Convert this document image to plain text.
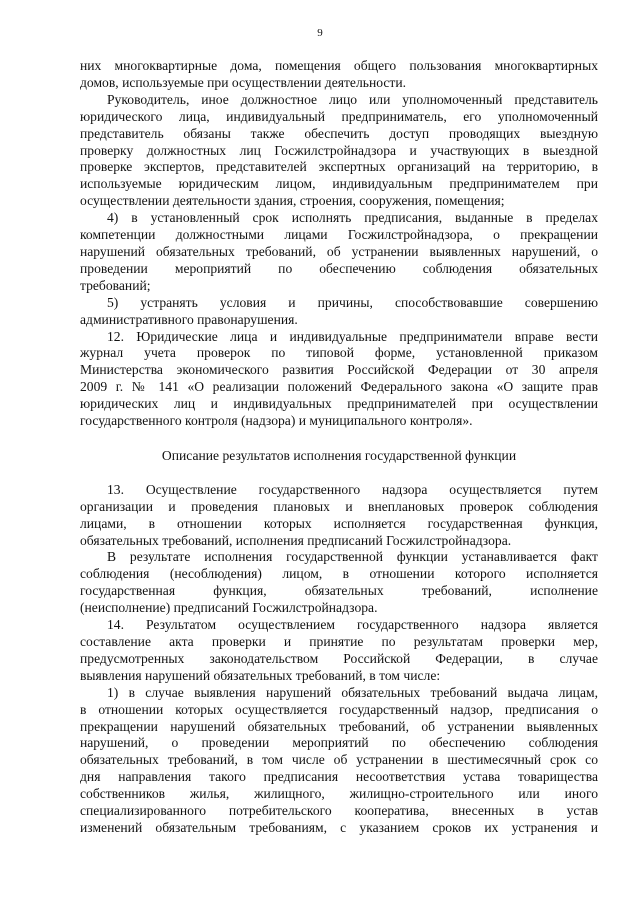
9

них многоквартирные дома, помещения общего пользования многоквартирных

домов, используемые при осуществлении деятельности.

Руководитель, иное должностное лицо или уполномоченный представитель

юридического лица, индивидуальный предприниматель, его уполномоченный

представитель обязаны также обеспечить доступ проводящих выездную

проверку должностных лиц Госжилстройнадзора и участвующих в выездной

проверке экспертов, представителей экспертных организаций на территорию, в

используемые юридическим лицом, индивидуальным предпринимателем при

осуществлении деятельности здания, строения, сооружения, помещения;

4) в установленный срок исполнять предписания, выданные в пределах

компетенции должностными лицами Госжилстройнадзора, о прекращении

нарушений обязательных требований, об устранении выявленных нарушений, о

проведении мероприятий по обеспечению соблюдения обязательных

требований;

5) устранять условия и причины, способствовавшие совершению

административного правонарушения.

12. Юридические лица и индивидуальные предприниматели вправе вести

журнал учета проверок по типовой форме, установленной приказом

Министерства экономического развития Российской Федерации от 30 апреля

2009 г. № 141 «О реализации положений Федерального закона «О защите прав

юридических лиц и индивидуальных предпринимателей при осуществлении

государственного контроля (надзора) и муниципального контроля».

Описание результатов исполнения государственной функции

13. Осуществление государственного надзора осуществляется путем

организации и проведения плановых и внеплановых проверок соблюдения

лицами, в отношении которых исполняется государственная функция,

обязательных требований, исполнения предписаний Госжилстройнадзора.

В результате исполнения государственной функции устанавливается факт

соблюдения (несоблюдения) лицом, в отношении которого исполняется

государственная функция, обязательных требований, исполнение

(неисполнение) предписаний Госжилстройнадзора.

14. Результатом осуществлением государственного надзора является

составление акта проверки и принятие по результатам проверки мер,

предусмотренных законодательством Российской Федерации, в случае

выявления нарушений обязательных требований, в том числе:

1) в случае выявления нарушений обязательных требований выдача лицам,

в отношении которых осуществляется государственный надзор, предписания о

прекращении нарушений обязательных требований, об устранении выявленных

нарушений, о проведении мероприятий по обеспечению соблюдения

обязательных требований, в том числе об устранении в шестимесячный срок со

дня направления такого предписания несоответствия устава товарищества

собственников жилья, жилищного, жилищно-строительного или иного

специализированного потребительского кооператива, внесенных в устав

изменений обязательным требованиям, с указанием сроков их устранения и
